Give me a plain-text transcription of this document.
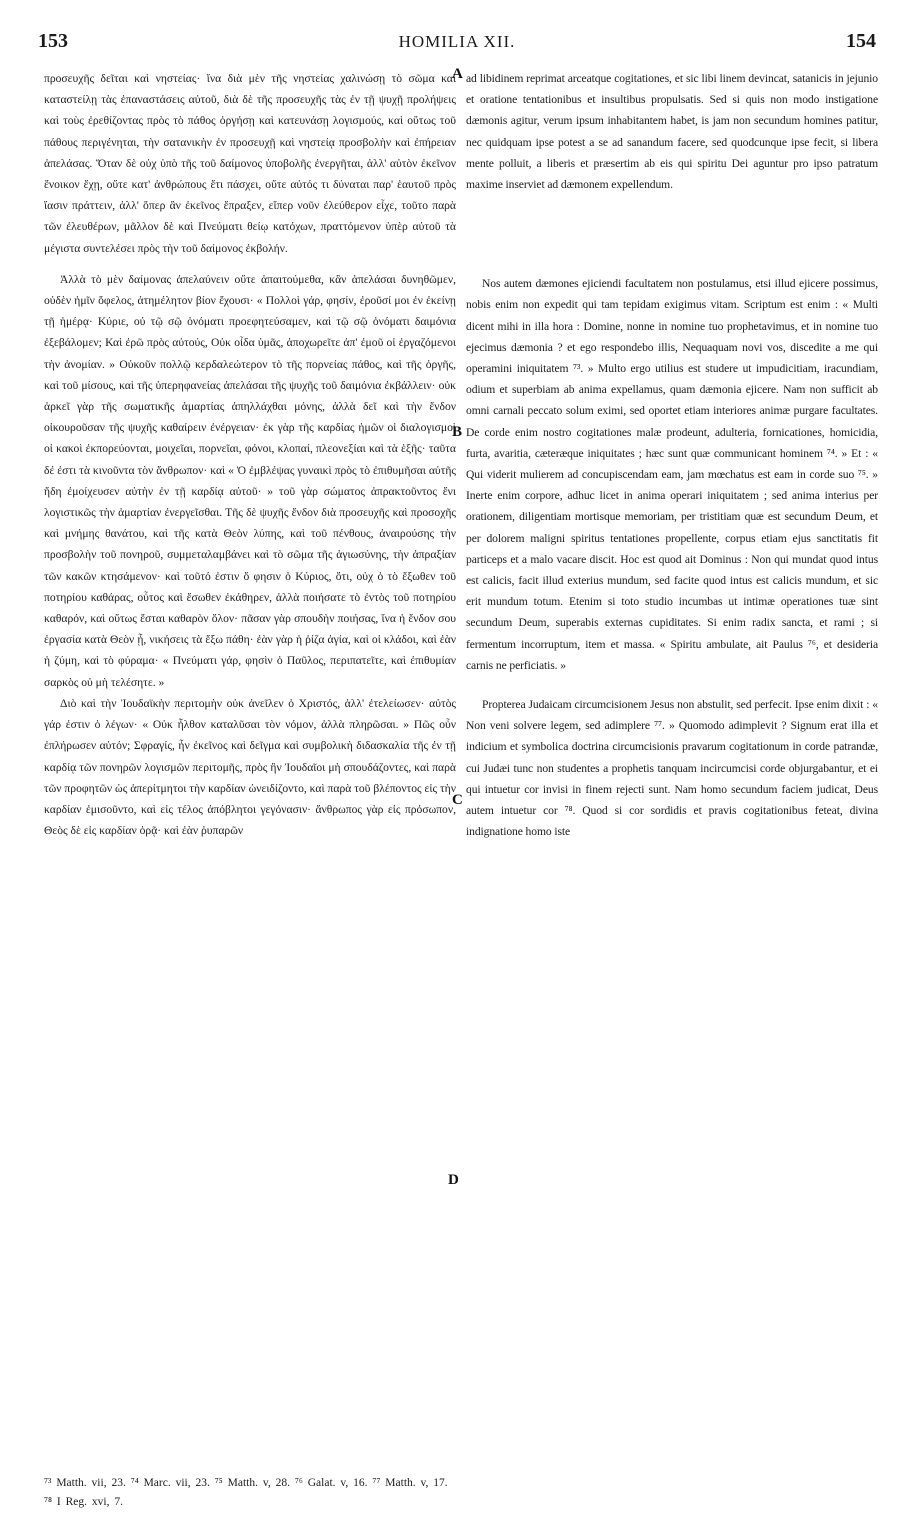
153	HOMILIA XII.	154

προσευχῆς δεῖται καὶ νηστείας· ἵνα διὰ μὲν τῆς νηστείας χαλινώσῃ τὸ σῶμα καὶ καταστείλῃ τὰς ἐπαναστάσεις αὐτοῦ, διὰ δὲ τῆς προσευχῆς τὰς ἐν τῇ ψυχῇ προλήψεις καὶ τοὺς ἐρεθίζοντας πρὸς τὸ πάθος ὀργήσῃ καὶ κατευνάσῃ λογισμούς, καὶ οὕτως τοῦ πάθους περιγένηται, τὴν σατανικὴν ἐν προσευχῇ καὶ νηστείᾳ προσβολὴν καὶ ἐπήρειαν ἀπελάσας. Ὅταν δὲ οὐχ ὑπὸ τῆς τοῦ δαίμονος ὑποβολῆς ἐνεργῆται, ἀλλ' αὐτὸν ἐκεῖνον ἔνοικον ἔχῃ, οὔτε κατ' ἀνθρώπους ἔτι πάσχει, οὔτε αὐτός τι δύναται παρ' ἑαυτοῦ πρὸς ἴασιν πράττειν, ἀλλ' ὅπερ ἂν ἐκεῖνος ἔπραξεν, εἴπερ νοῦν ἐλεύθερον εἶχε, τοῦτο παρὰ τῶν ἐλευθέρων, μᾶλλον δὲ καὶ Πνεύματι θείῳ κατόχων, πραττόμενον ὑπὲρ αὐτοῦ τὰ μέγιστα συντελέσει πρὸς τὴν τοῦ δαίμονος ἐκβολήν.

Ἀλλὰ τὸ μὲν δαίμονας ἀπελαύνειν οὔτε ἀπαιτούμεθα, κἂν ἀπελάσαι δυνηθῶμεν, οὐδὲν ἡμῖν ὄφελος, ἀτημέλητον βίον ἔχουσι· « Πολλοὶ γάρ, φησίν, ἐροῦσί μοι ἐν ἐκείνῃ τῇ ἡμέρᾳ· Κύριε, οὐ τῷ σῷ ὀνόματι προεφητεύσαμεν, καὶ τῷ σῷ ὀνόματι δαιμόνια ἐξεβάλομεν; Καὶ ἐρῶ πρὸς αὐτούς, Οὐκ οἶδα ὑμᾶς, ἀποχωρεῖτε ἀπ' ἐμοῦ οἱ ἐργαζόμενοι τὴν ἀνομίαν. » Οὐκοῦν πολλῷ κερδαλεώτερον τὸ τῆς πορνείας πάθος, καὶ τῆς ὀργῆς, καὶ τοῦ μίσους, καὶ τῆς ὑπερηφανείας ἀπελάσαι τῆς ψυχῆς τοῦ δαιμόνια ἐκβάλλειν· οὐκ ἀρκεῖ γὰρ τῆς σωματικῆς ἁμαρτίας ἀπηλλάχθαι μόνης, ἀλλὰ δεῖ καὶ τὴν ἔνδον οἰκουροῦσαν τῆς ψυχῆς καθαίρειν ἐνέργειαν· ἐκ γὰρ τῆς καρδίας ἡμῶν οἱ διαλογισμοὶ οἱ κακοὶ ἐκπορεύονται, μοιχεῖαι, πορνεῖαι, φόνοι, κλοπαί, πλεονεξίαι καὶ τὰ ἑξῆς· ταῦτα δέ ἐστι τὰ κινοῦντα τὸν ἄνθρωπον· καὶ « Ὁ ἐμβλέψας γυναικὶ πρὸς τὸ ἐπιθυμῆσαι αὐτῆς ἤδη ἐμοίχευσεν αὐτὴν ἐν τῇ καρδίᾳ αὐτοῦ· » τοῦ γὰρ σώματος ἀπρακτοῦντος ἔνι λογιστικῶς τὴν ἁμαρτίαν ἐνεργεῖσθαι. Τῆς δὲ ψυχῆς ἔνδον διὰ προσευχῆς καὶ προσοχῆς καὶ μνήμης θανάτου, καὶ τῆς κατὰ Θεὸν λύπης, καὶ τοῦ πένθους, ἀναιρούσης τὴν προσβολὴν τοῦ πονηροῦ, συμμεταλαμβάνει καὶ τὸ σῶμα τῆς ἁγιωσύνης, τὴν ἀπραξίαν τῶν κακῶν κτησάμενον· καὶ τοῦτό ἐστιν ὅ φησιν ὁ Κύριος, ὅτι, οὐχ ὁ τὸ ἔξωθεν τοῦ ποτηρίου καθάρας, οὗτος καὶ ἔσωθεν ἐκάθηρεν, ἀλλὰ ποιήσατε τὸ ἐντὸς τοῦ ποτηρίου καθαρόν, καὶ οὕτως ἔσται καθαρὸν ὅλον· πᾶσαν γὰρ σπουδὴν ποιήσας, ἵνα ἡ ἔνδον σου ἐργασία κατὰ Θεὸν ᾖ, νικήσεις τὰ ἔξω πάθη· ἐὰν γὰρ ἡ ῥίζα ἁγία, καὶ οἱ κλάδοι, καὶ ἐὰν ἡ ζύμη, καὶ τὸ φύραμα· « Πνεύματι γάρ, φησὶν ὁ Παῦλος, περιπατεῖτε, καὶ ἐπιθυμίαν σαρκὸς οὐ μὴ τελέσητε. »

Διὸ καὶ τὴν Ἰουδαϊκὴν περιτομὴν οὐκ ἀνεῖλεν ὁ Χριστός, ἀλλ' ἐτελείωσεν· αὐτὸς γάρ ἐστιν ὁ λέγων· « Οὐκ ἦλθον καταλῦσαι τὸν νόμον, ἀλλὰ πληρῶσαι. » Πῶς οὖν ἐπλήρωσεν αὐτόν; Σφραγίς, ἦν ἐκεῖνος καὶ δεῖγμα καὶ συμβολικὴ διδασκαλία τῆς ἐν τῇ καρδίᾳ τῶν πονηρῶν λογισμῶν περιτομῆς, πρὸς ἣν Ἰουδαῖοι μὴ σπουδάζοντες, καὶ παρὰ τῶν προφητῶν ὡς ἀπερίτμητοι τὴν καρδίαν ὠνειδίζοντο, καὶ παρὰ τοῦ βλέποντος εἰς τὴν καρδίαν ἐμισοῦντο, καὶ εἰς τέλος ἀπόβλητοι γεγόνασιν· ἄνθρωπος γὰρ εἰς πρόσωπον, Θεὸς δὲ εἰς καρδίαν ὁρᾷ· καὶ ἐὰν ῥυπαρῶν

ad libidinem reprimat arceatque cogitationes, et sic libi linem devincat, satanicis in jejunio et oratione tentationibus et insultibus propulsatis. Sed si quis non modo instigatione dæmonis agitur, verum ipsum inhabitantem habet, is jam non secundum homines patitur, nec quidquam ipse potest a se ad sanandum facere, sed quodcunque ipse fecit, si libera mente polluit, a liberis et præsertim ab eis qui spiritu Dei aguntur pro ipso patratum maxime inserviet ad dæmonem expellendum.

Nos autem dæmones ejiciendi facultatem non postulamus, etsi illud ejicere possimus, nobis enim non expedit qui tam tepidam exigimus vitam. Scriptum est enim : « Multi dicent mihi in illa hora : Domine, nonne in nomine tuo prophetavimus, et in nomine tuo ejecimus dæmonia ? et ego respondebo illis, Nequaquam novi vos, discedite a me qui operamini iniquitatem ⁷³. » Multo ergo utilius est studere ut impudicitiam, iracundiam, odium et superbiam ab anima expellamus, quam dæmonia ejicere. Nam non sufficit ab omni carnali peccato solum eximi, sed oportet etiam interiores animæ purgare facultates. De corde enim nostro cogitationes malæ prodeunt, adulteria, fornicationes, homicidia, furta, avaritia, cæteræque iniquitates ; hæc sunt quæ communicant hominem ⁷⁴. » Et : « Qui viderit mulierem ad concupiscendam eam, jam mœchatus est eam in corde suo ⁷⁵. » Inerte enim corpore, adhuc licet in anima operari iniquitatem ; sed anima interius per orationem, diligentiam mortisque memoriam, per tristitiam quæ est secundum Deum, et per dolorem maligni spiritus tentationes propellente, corpus etiam ejus sanctitatis fit particeps et a malo vacare discit. Hoc est quod ait Dominus : Non qui mundat quod intus est calicis, facit illud exterius mundum, sed facite quod intus est calicis mundum, et sic erit mundum totum. Etenim si toto studio incumbas ut intimæ operationes tuæ sint secundum Deum, superabis externas cupiditates. Si enim radix sancta, et rami ; si fermentum incorruptum, item et massa. « Spiritu ambulate, ait Paulus ⁷⁶, et desideria carnis ne perficiatis. »

Propterea Judaicam circumcisionem Jesus non abstulit, sed perfecit. Ipse enim dixit : « Non veni solvere legem, sed adimplere ⁷⁷. » Quomodo adimplevit ? Signum erat illa et indicium et symbolica doctrina circumcisionis pravarum cogitationum in corde patrandæ, cui Judæi tunc non studentes a prophetis tanquam incircumcisi corde objurgabantur, et ei qui intuetur cor invisi in finem rejecti sunt. Nam homo secundum faciem judicat, Deus autem intuetur cor ⁷⁸. Quod si cor sordidis et pravis cogitationibus feteat, divina indignatione homo iste

A
B
C
D
⁷³ Matth. vii, 23. ⁷⁴ Marc. vii, 23. ⁷⁵ Matth. v, 28. ⁷⁶ Galat. v, 16. ⁷⁷ Matth. v, 17.
⁷⁸ I Reg. xvi, 7.
